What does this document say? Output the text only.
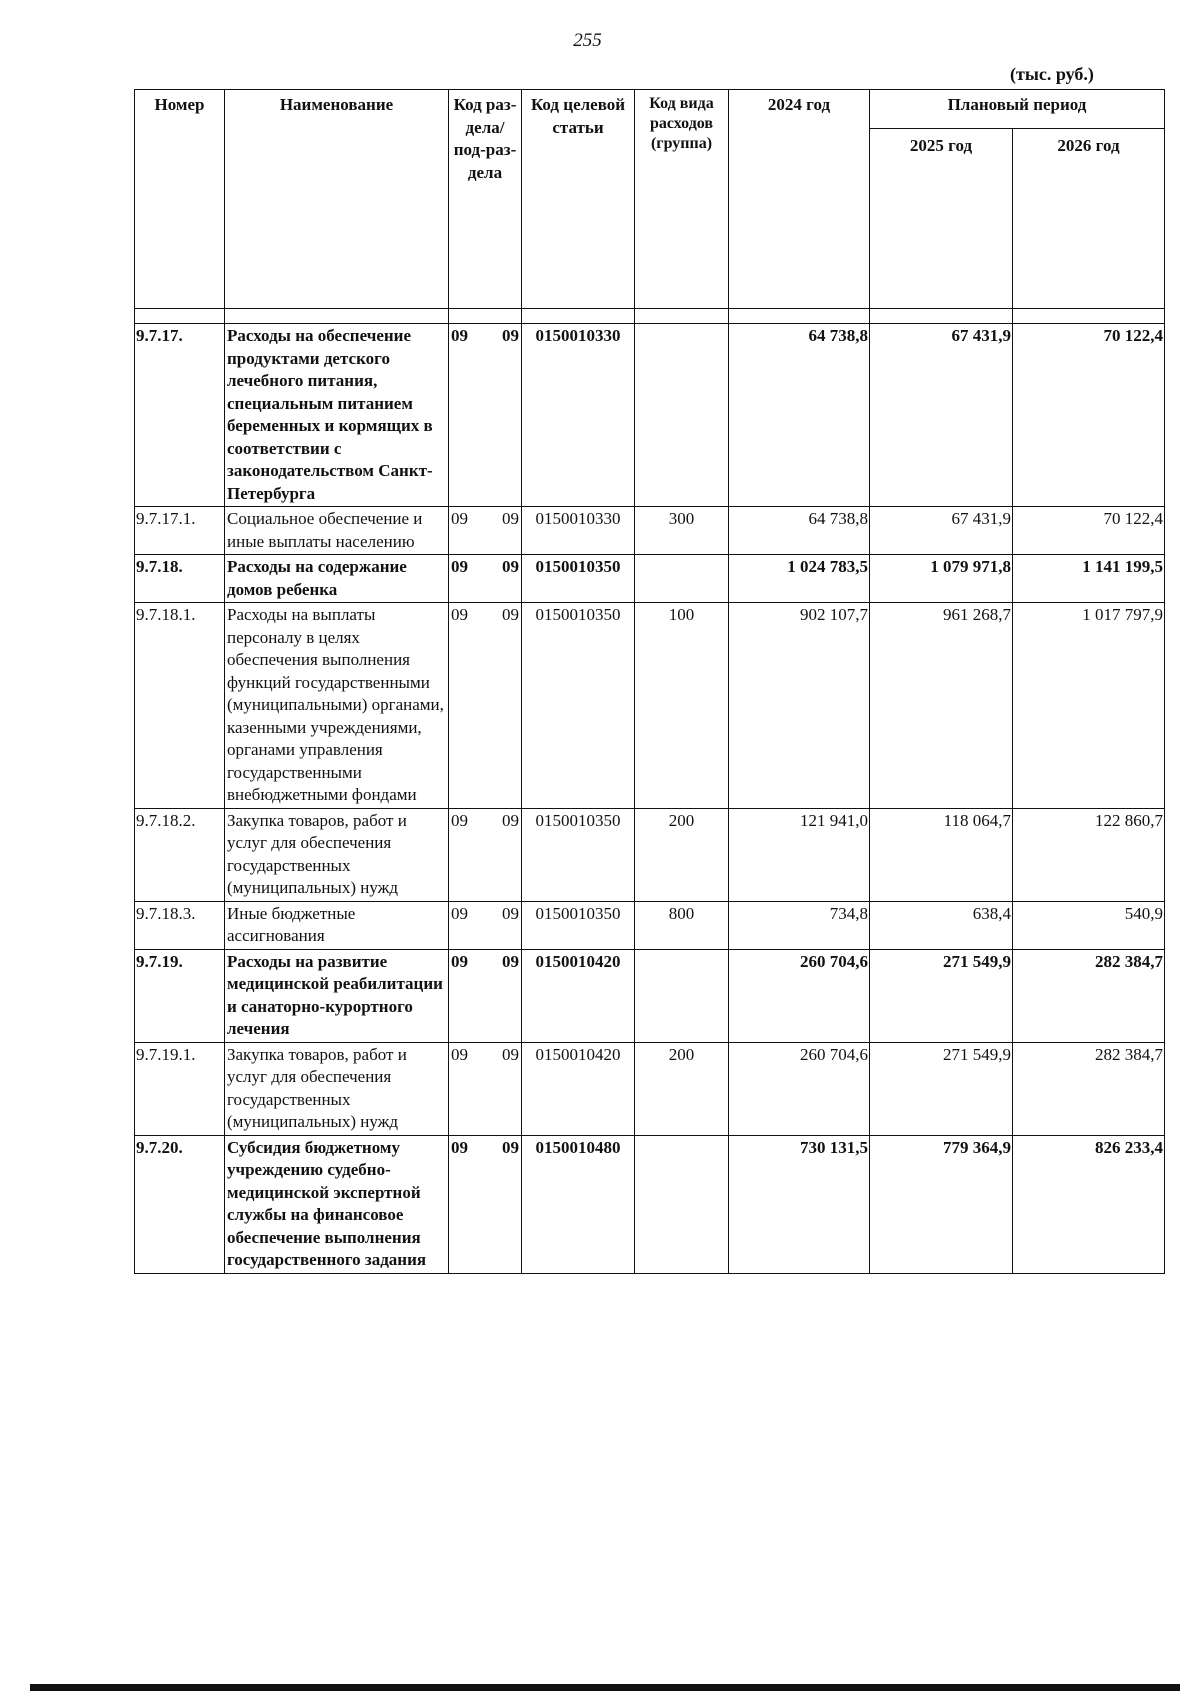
255
(тыс. руб.)
Номер	Наименование	Код раз-дела/ под-раз-дела	Код целевой статьи	Код вида расходов (группа)	2024 год	Плановый период	
						2025 год	2026 год

9.7.17.	Расходы на обеспечение продуктами детского лечебного питания, специальным питанием беременных и кормящих в соответствии с законодательством Санкт-Петербурга	09 09	0150010330		64 738,8	67 431,9	70 122,4
9.7.17.1.	Социальное обеспечение и иные выплаты населению	09 09	0150010330	300	64 738,8	67 431,9	70 122,4
9.7.18.	Расходы на содержание домов ребенка	09 09	0150010350		1 024 783,5	1 079 971,8	1 141 199,5
9.7.18.1.	Расходы на выплаты персоналу в целях обеспечения выполнения функций государственными (муниципальными) органами, казенными учреждениями, органами управления государственными внебюджетными фондами	09 09	0150010350	100	902 107,7	961 268,7	1 017 797,9
9.7.18.2.	Закупка товаров, работ и услуг для обеспечения государственных (муниципальных) нужд	09 09	0150010350	200	121 941,0	118 064,7	122 860,7
9.7.18.3.	Иные бюджетные ассигнования	09 09	0150010350	800	734,8	638,4	540,9
9.7.19.	Расходы на развитие медицинской реабилитации и санаторно-курортного лечения	09 09	0150010420		260 704,6	271 549,9	282 384,7
9.7.19.1.	Закупка товаров, работ и услуг для обеспечения государственных (муниципальных) нужд	09 09	0150010420	200	260 704,6	271 549,9	282 384,7
9.7.20.	Субсидия бюджетному учреждению судебно-медицинской экспертной службы на финансовое обеспечение выполнения государственного задания	09 09	0150010480		730 131,5	779 364,9	826 233,4
